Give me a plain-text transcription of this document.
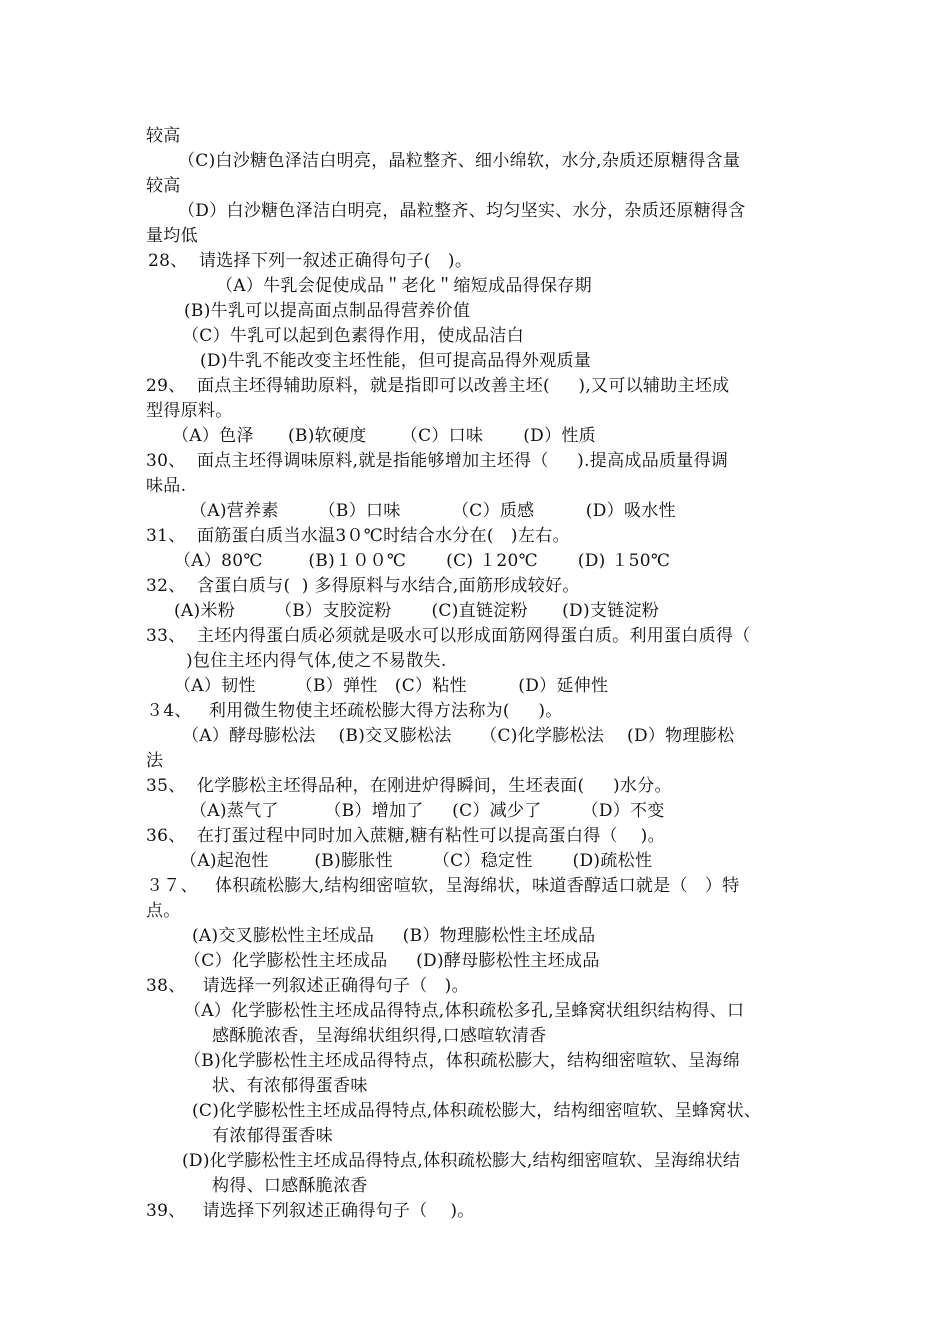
较高
（C)白沙糖色泽洁白明亮，晶粒整齐、细小绵软，水分,杂质还原糖得含量
较高
（D）白沙糖色泽洁白明亮，晶粒整齐、均匀坚实、水分，杂质还原糖得含
量均低
28、  请选择下列一叙述正确得句子(   )。
（A）牛乳会促使成品＂老化＂缩短成品得保存期
(B)牛乳可以提高面点制品得营养价值
（C）牛乳可以起到色素得作用，使成品洁白
(D)牛乳不能改变主坯性能，但可提高品得外观质量
29、  面点主坯得辅助原料，就是指即可以改善主坯(     ),又可以辅助主坯成
型得原料。
（A）色泽      (B)软硬度      （C）口味       (D）性质
30、  面点主坯得调味原料,就是指能够增加主坯得（     ).提高成品质量得调
味品.
（A)营养素       （B）口味         （C）质感         (D）吸水性
31、  面筋蛋白质当水温3０℃时结合水分在(   )左右。
（A）80℃        (B)１００℃       (C) １20℃       (D) １50℃
32、  含蛋白质与(  ) 多得原料与水结合,面筋形成较好。
(A)米粉       （B）支胶淀粉       (C)直链淀粉      (D)支链淀粉
33、  主坯内得蛋白质必须就是吸水可以形成面筋网得蛋白质。利用蛋白质得（
)包住主坯内得气体,使之不易散失.
（A）韧性       （B）弹性   (C）粘性         (D）延伸性
３4、   利用微生物使主坯疏松膨大得方法称为(     )。
（A）酵母膨松法    (B)交叉膨松法     （C)化学膨松法    (D）物理膨松
法
35、  化学膨松主坯得品种，在刚进炉得瞬间，生坯表面(     )水分。
（A)蒸气了        （B）增加了     (C）减少了       （D）不变
36、  在打蛋过程中同时加入蔗糖,糖有粘性可以提高蛋白得（    )。
（A)起泡性        (B)膨胀性       （C）稳定性       (D)疏松性
３７、   体积疏松膨大,结构细密喧软，呈海绵状，味道香醇适口就是（   ）特
点。
(A)交叉膨松性主坯成品     (B）物理膨松性主坯成品
（C）化学膨松性主坯成品     (D)酵母膨松性主坯成品
38、   请选择一列叙述正确得句子（   )。
（A）化学膨松性主坯成品得特点,体积疏松多孔,呈蜂窝状组织结构得、口
感酥脆浓香，呈海绵状组织得,口感喧软清香
（B)化学膨松性主坯成品得特点，体积疏松膨大，结构细密喧软、呈海绵
状、有浓郁得蛋香味
(C)化学膨松性主坯成品得特点,体积疏松膨大，结构细密喧软、呈蜂窝状、
有浓郁得蛋香味
(D)化学膨松性主坯成品得特点,体积疏松膨大,结构细密喧软、呈海绵状结
构得、口感酥脆浓香
39、   请选择下列叙述正确得句子（    )。
